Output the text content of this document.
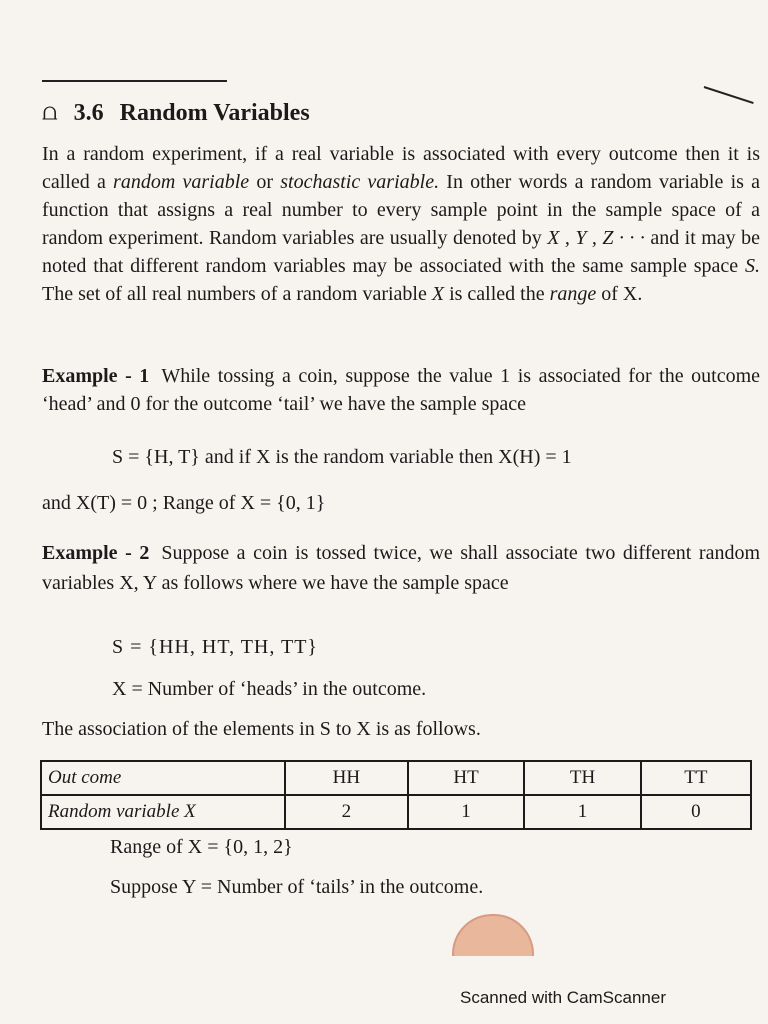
⩍ 3.6 Random Variables
In a random experiment, if a real variable is associated with every outcome then it is called a random variable or stochastic variable. In other words a random variable is a function that assigns a real number to every sample point in the sample space of a random experiment. Random variables are usually denoted by X , Y , Z · · · and it may be noted that different random variables may be associated with the same sample space S. The set of all real numbers of a random variable X is called the range of X.
Example - 1 While tossing a coin, suppose the value 1 is associated for the outcome ‘head’ and 0 for the outcome ‘tail’ we have the sample space
S = {H, T} and if X is the random variable then X(H) = 1
and X(T) = 0 ; Range of X = {0, 1}
Example - 2 Suppose a coin is tossed twice, we shall associate two different random variables X, Y as follows where we have the sample space
S = {HH, HT, TH, TT}
X = Number of ‘heads’ in the outcome.
The association of the elements in S to X is as follows.
Out come	HH	HT	TH	TT
Random variable X	2	1	1	0
Range of X = {0, 1, 2}
Suppose Y = Number of ‘tails’ in the outcome.
Scanned with CamScanner
